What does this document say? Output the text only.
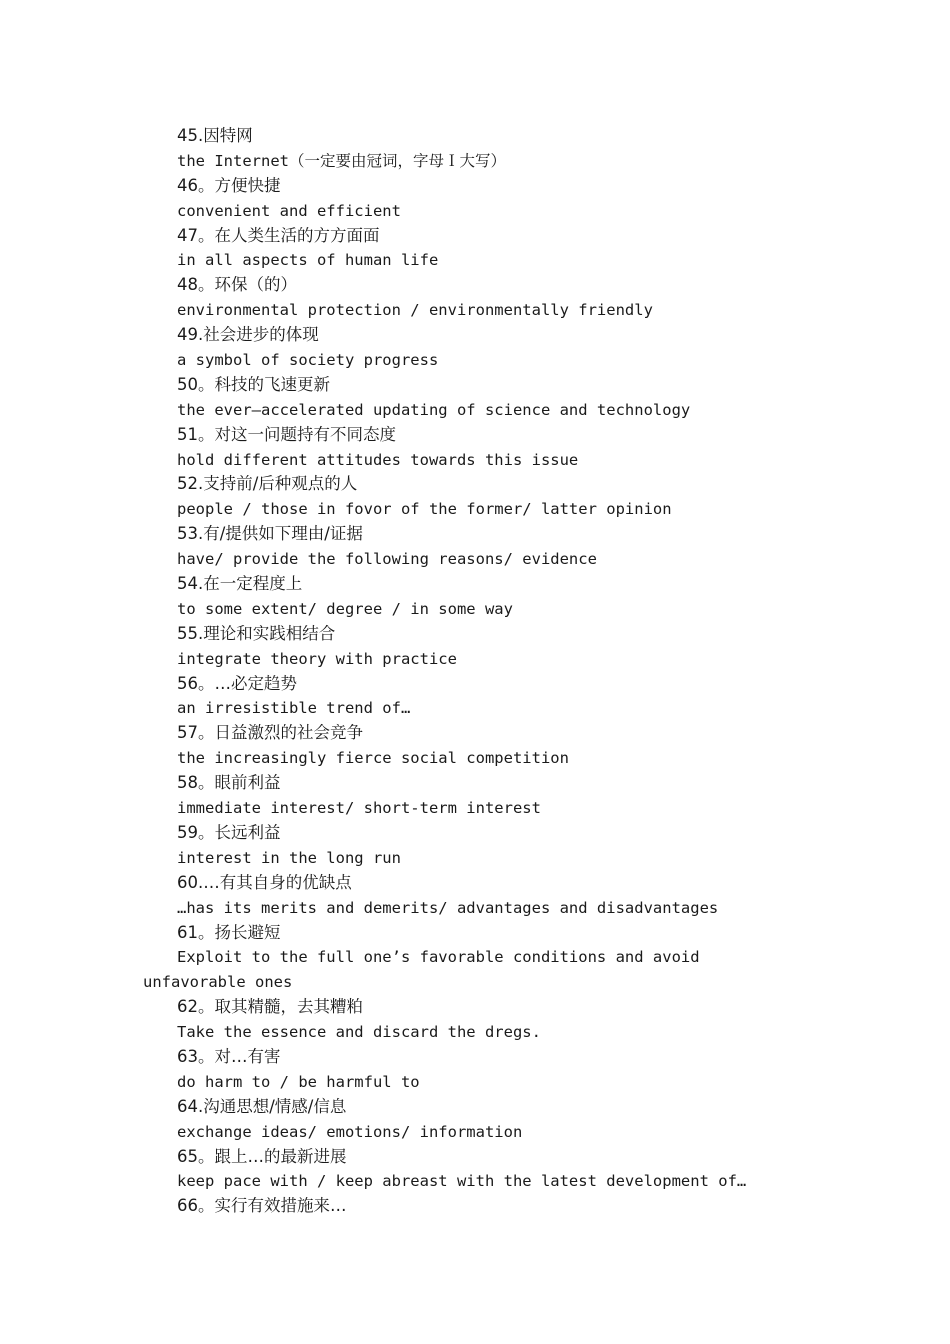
45.因特网
the Internet（一定要由冠词，字母Ｉ大写）
46。方便快捷
convenient and efficient
47。在人类生活的方方面面
in all aspects of human life
48。环保（的）
environmental protection / environmentally friendly
49.社会进步的体现
a symbol of society progress
50。科技的飞速更新
the ever—accelerated updating of science and technology
51。对这一问题持有不同态度
hold different attitudes towards this issue
52.支持前/后种观点的人
people / those in fovor of the former/ latter opinion
53.有/提供如下理由/证据
have/ provide the following reasons/ evidence
54.在一定程度上
to some extent/ degree / in some way
55.理论和实践相结合
integrate theory with practice
56。…必定趋势
an irresistible trend of…
57。日益激烈的社会竞争
the increasingly fierce social competition
58。眼前利益
immediate interest/ short-term interest
59。长远利益
interest in the long run
60.…有其自身的优缺点
…has its merits and demerits/ advantages and disadvantages
61。扬长避短
Exploit to the full one’s favorable conditions and avoid
unfavorable ones
62。取其精髓，去其糟粕
Take the essence and discard the dregs.
63。对…有害
do harm to / be harmful to
64.沟通思想/情感/信息
exchange ideas/ emotions/ information
65。跟上…的最新进展
keep pace with / keep abreast with the latest development of…
66。实行有效措施来…
